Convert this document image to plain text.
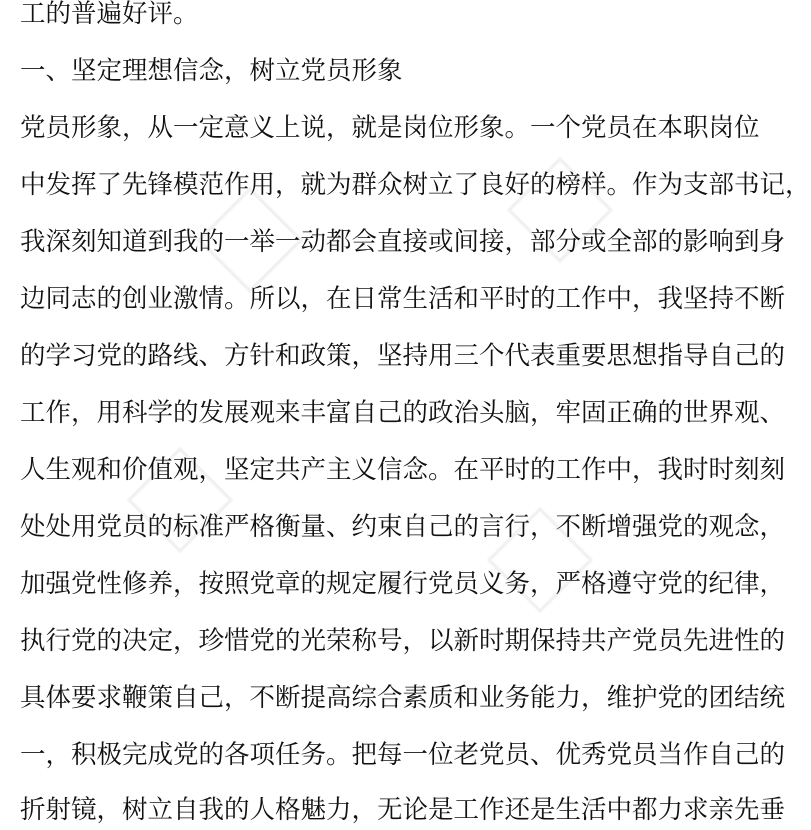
工的普遍好评。
一、坚定理想信念，树立党员形象
党员形象，从一定意义上说，就是岗位形象。一个党员在本职岗位
中发挥了先锋模范作用，就为群众树立了良好的榜样。作为支部书记，
我深刻知道到我的一举一动都会直接或间接，部分或全部的影响到身
边同志的创业激情。所以，在日常生活和平时的工作中，我坚持不断
的学习党的路线、方针和政策，坚持用三个代表重要思想指导自己的
工作，用科学的发展观来丰富自己的政治头脑，牢固正确的世界观、
人生观和价值观，坚定共产主义信念。在平时的工作中，我时时刻刻
处处用党员的标准严格衡量、约束自己的言行，不断增强党的观念，
加强党性修养，按照党章的规定履行党员义务，严格遵守党的纪律，
执行党的决定，珍惜党的光荣称号，以新时期保持共产党员先进性的
具体要求鞭策自己，不断提高综合素质和业务能力，维护党的团结统
一，积极完成党的各项任务。把每一位老党员、优秀党员当作自己的
折射镜，树立自我的人格魅力，无论是工作还是生活中都力求亲先垂
